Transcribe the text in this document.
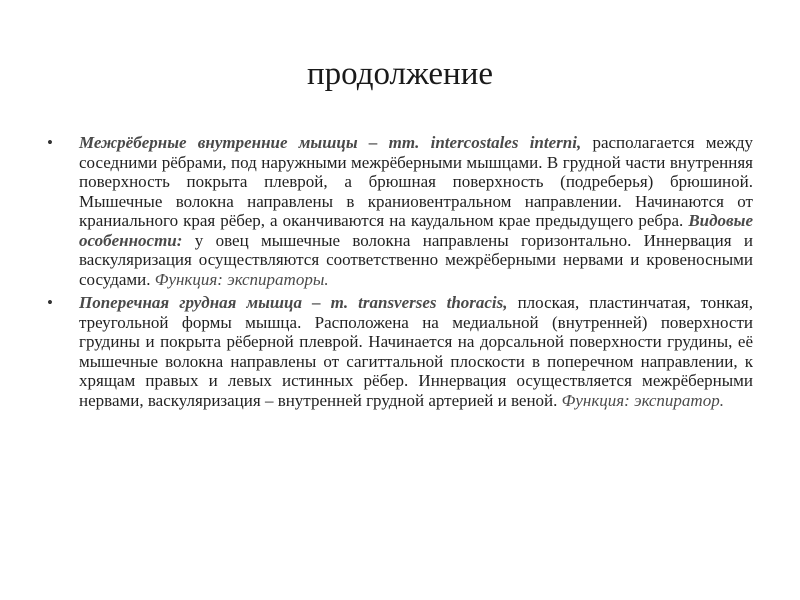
продолжение
• Межрёберные внутренние мышцы – mm. intercostales interni, располагается между соседними рёбрами, под наружными межрёберными мышцами. В грудной части внутренняя поверхность покрыта плеврой, а брюшная поверхность (подреберья) брюшиной. Мышечные волокна направлены в краниовентральном направлении. Начинаются от краниального края рёбер, а оканчиваются на каудальном крае предыдущего ребра. Видовые особенности: у овец мышечные волокна направлены горизонтально. Иннервация и васкуляризация осуществляются соответственно межрёберными нервами и кровеносными сосудами. Функция: экспираторы.
• Поперечная грудная мышца – m. transverses thoracis, плоская, пластинчатая, тонкая, треугольной формы мышца. Расположена на медиальной (внутренней) поверхности грудины и покрыта рёберной плеврой. Начинается на дорсальной поверхности грудины, её мышечные волокна направлены от сагиттальной плоскости в поперечном направлении, к хрящам правых и левых истинных рёбер. Иннервация осуществляется межрёберными нервами, васкуляризация – внутренней грудной артерией и веной. Функция: экспиратор.
